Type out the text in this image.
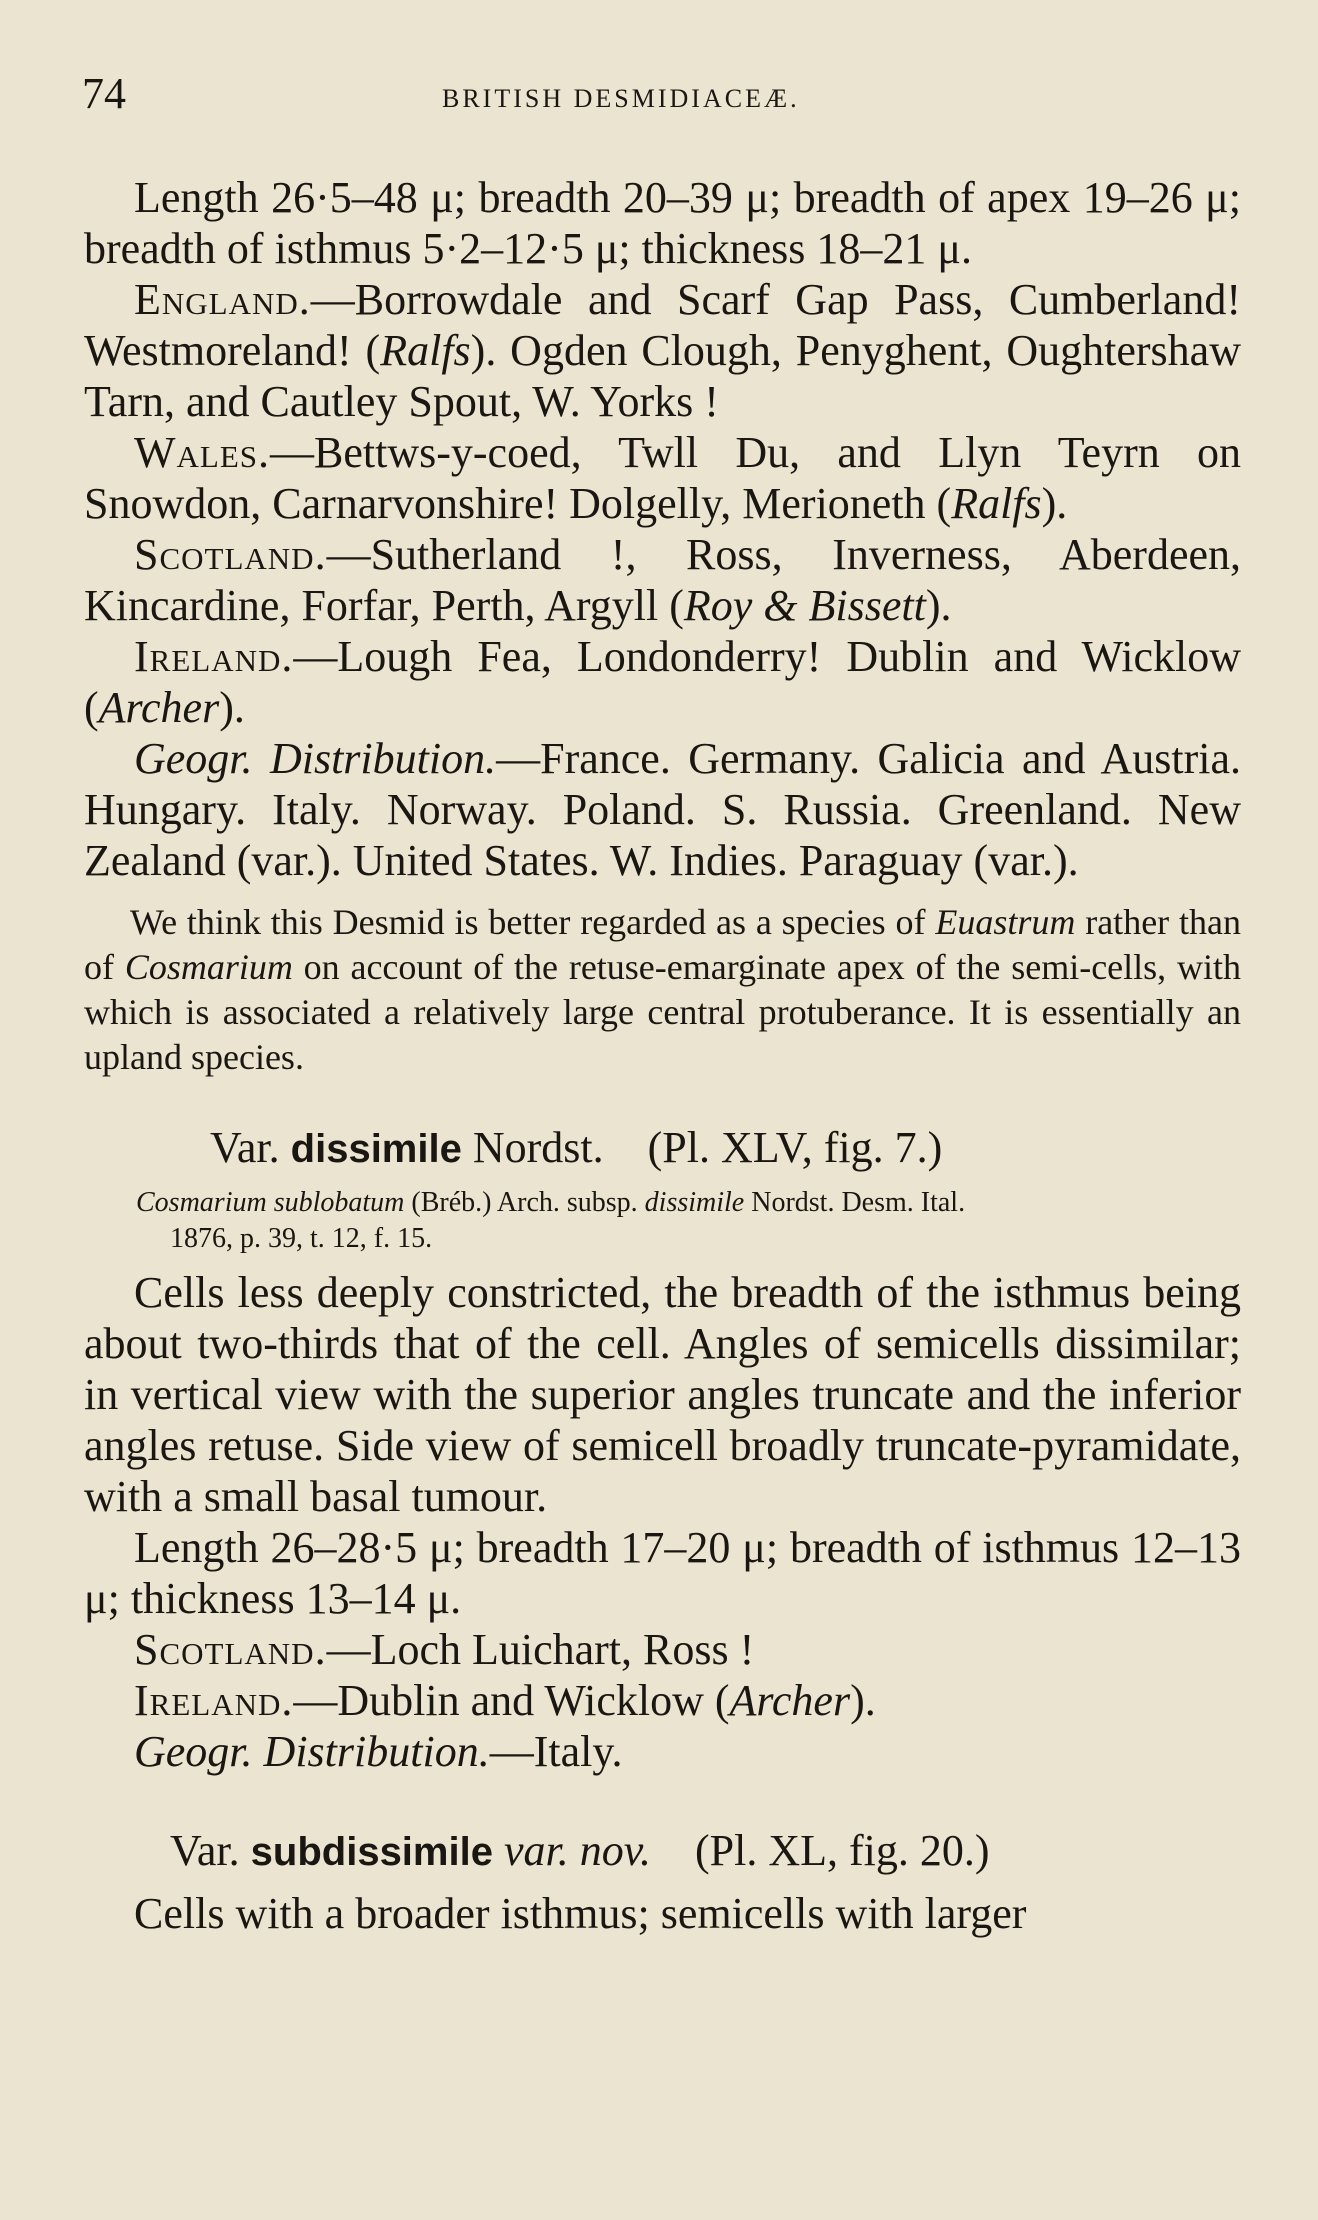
74	BRITISH DESMIDIACEÆ.

Length 26·5–48 μ; breadth 20–39 μ; breadth of apex 19–26 μ; breadth of isthmus 5·2–12·5 μ; thickness 18–21 μ.

England.—Borrowdale and Scarf Gap Pass, Cumberland! Westmoreland! (Ralfs). Ogden Clough, Penyghent, Oughtershaw Tarn, and Cautley Spout, W. Yorks !

Wales.—Bettws-y-coed, Twll Du, and Llyn Teyrn on Snowdon, Carnarvonshire! Dolgelly, Merioneth (Ralfs).

Scotland.—Sutherland !, Ross, Inverness, Aberdeen, Kincardine, Forfar, Perth, Argyll (Roy & Bissett).

Ireland.—Lough Fea, Londonderry! Dublin and Wicklow (Archer).

Geogr. Distribution.—France. Germany. Galicia and Austria. Hungary. Italy. Norway. Poland. S. Russia. Greenland. New Zealand (var.). United States. W. Indies. Paraguay (var.).

We think this Desmid is better regarded as a species of Euastrum rather than of Cosmarium on account of the retuse-emarginate apex of the semi-cells, with which is associated a relatively large central protuberance. It is essentially an upland species.

Var. dissimile Nordst. (Pl. XLV, fig. 7.)

Cosmarium sublobatum (Bréb.) Arch. subsp. dissimile Nordst. Desm. Ital.
1876, p. 39, t. 12, f. 15.

Cells less deeply constricted, the breadth of the isthmus being about two-thirds that of the cell. Angles of semicells dissimilar; in vertical view with the superior angles truncate and the inferior angles retuse. Side view of semicell broadly truncate-pyramidate, with a small basal tumour.

Length 26–28·5 μ; breadth 17–20 μ; breadth of isthmus 12–13 μ; thickness 13–14 μ.

Scotland.—Loch Luichart, Ross !

Ireland.—Dublin and Wicklow (Archer).

Geogr. Distribution.—Italy.

Var. subdissimile var. nov. (Pl. XL, fig. 20.)

Cells with a broader isthmus; semicells with larger
